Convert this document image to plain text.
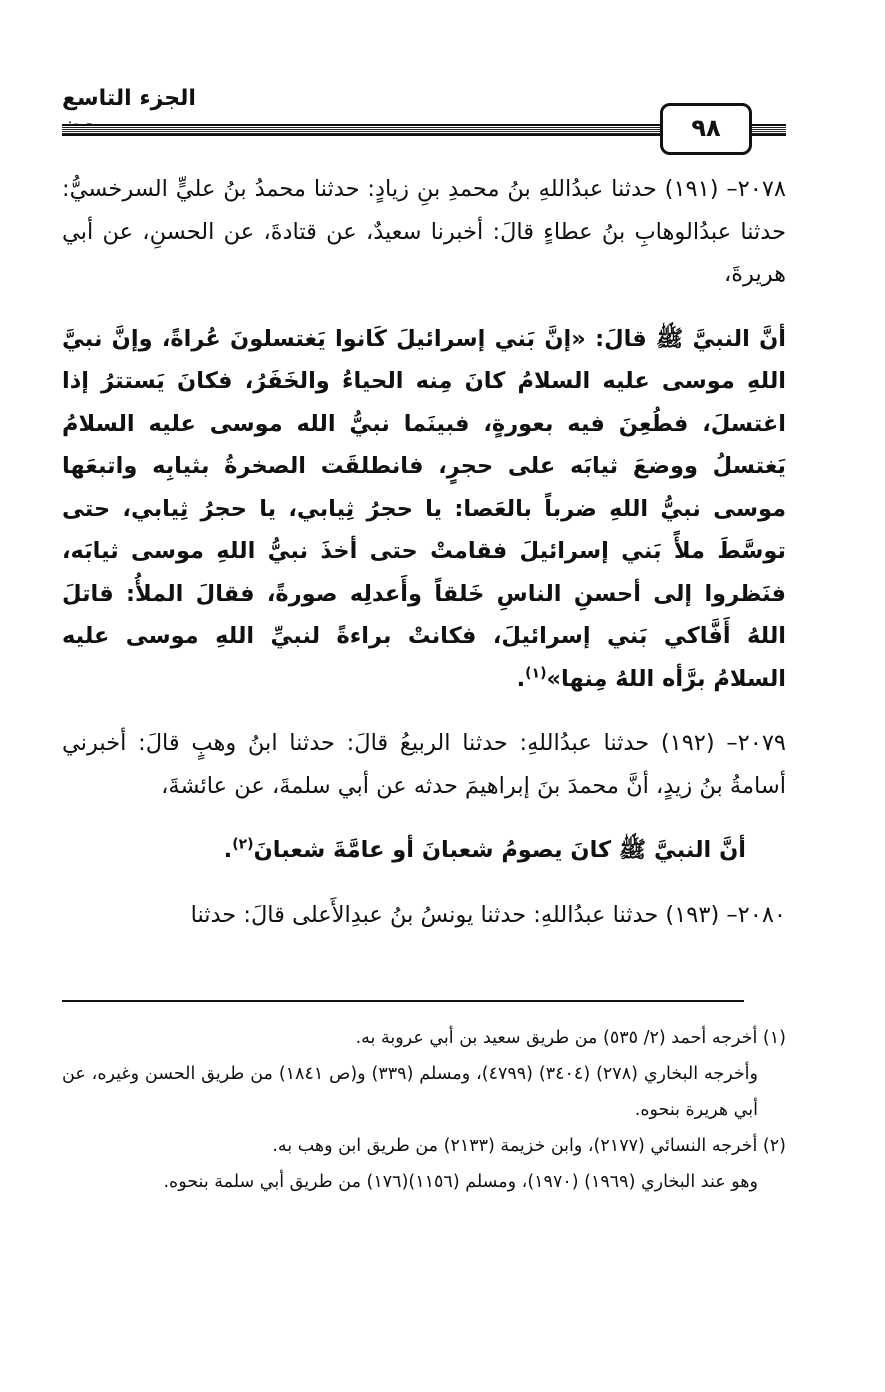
الجزء التاسع
٩٨

٢٠٧٨– (١٩١) حدثنا عبدُاللهِ بنُ محمدِ بنِ زيادٍ: حدثنا محمدُ بنُ عليٍّ السرخسيُّ: حدثنا عبدُالوهابِ بنُ عطاءٍ قالَ: أخبرنا سعيدٌ، عن قتادةَ، عن الحسنِ، عن أبي هريرةَ،

أنَّ النبيَّ ﷺ قالَ: «إنَّ بَني إسرائيلَ كَانوا يَغتسلونَ عُراةً، وإنَّ نبيَّ اللهِ موسى عليه السلامُ كانَ مِنه الحياءُ والخَفَرُ، فكانَ يَستترُ إذا اغتسلَ، فطُعِنَ فيه بعورةٍ، فبينَما نبيُّ الله موسى عليه السلامُ يَغتسلُ ووضعَ ثيابَه على حجرٍ، فانطلقَت الصخرةُ بثيابِه واتبعَها موسى نبيُّ اللهِ ضرباً بالعَصا: يا حجرُ ثِيابي، يا حجرُ ثِيابي، حتى توسَّطَ ملأً بَني إسرائيلَ فقامتْ حتى أخذَ نبيُّ اللهِ موسى ثيابَه، فنَظروا إلى أحسنِ الناسِ خَلقاً وأَعدلِه صورةً، فقالَ الملأُ: قاتلَ اللهُ أَفَّاكي بَني إسرائيلَ، فكانتْ براءةً لنبيِّ اللهِ موسى عليه السلامُ برَّأه اللهُ مِنها»$^{(١)}$.

٢٠٧٩– (١٩٢) حدثنا عبدُاللهِ: حدثنا الربيعُ قالَ: حدثنا ابنُ وهبٍ قالَ: أخبرني أسامةُ بنُ زيدٍ، أنَّ محمدَ بنَ إبراهيمَ حدثه عن أبي سلمةَ، عن عائشةَ،

أنَّ النبيَّ ﷺ كانَ يصومُ شعبانَ أو عامَّةَ شعبانَ$^{(٢)}$.

٢٠٨٠– (١٩٣) حدثنا عبدُاللهِ: حدثنا يونسُ بنُ عبدِالأَعلى قالَ: حدثنا

(١) أخرجه أحمد (٢/ ٥٣٥) من طريق سعيد بن أبي عروبة به.

وأخرجه البخاري (٢٧٨) (٣٤٠٤) (٤٧٩٩)، ومسلم (٣٣٩) و(ص ١٨٤١) من طريق الحسن وغيره، عن أبي هريرة بنحوه.

(٢) أخرجه النسائي (٢١٧٧)، وابن خزيمة (٢١٣٣) من طريق ابن وهب به.

وهو عند البخاري (١٩٦٩) (١٩٧٠)، ومسلم (١١٥٦)(١٧٦) من طريق أبي سلمة بنحوه.
